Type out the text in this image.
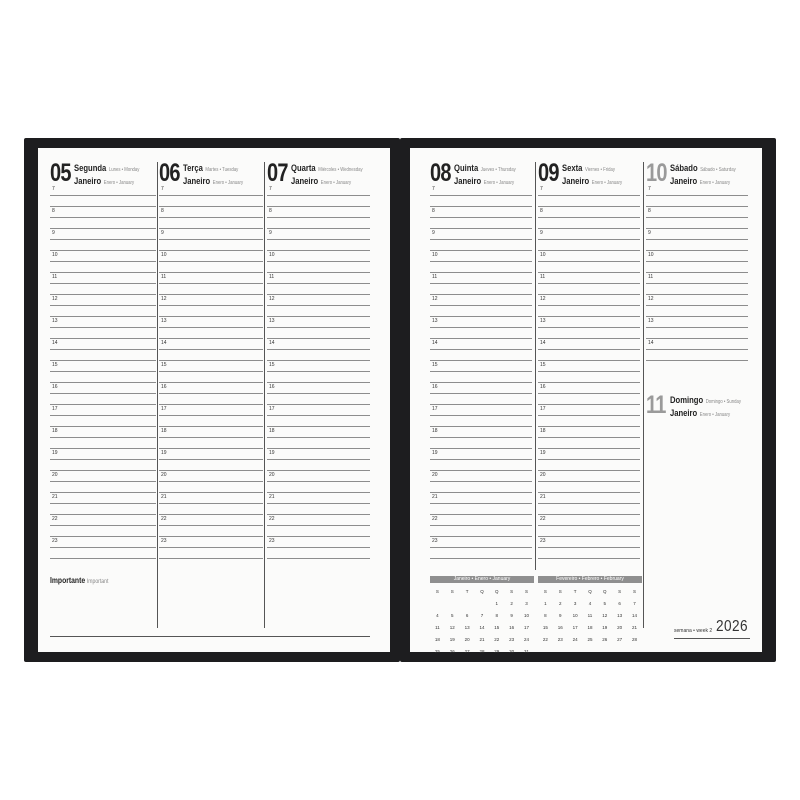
05 Segunda Lunes • Monday
Janeiro Enero • January
7
8
9
10
11
12
13
14
15
16
17
18
19
20
21
22
23
06 Terça Martes • Tuesday
Janeiro Enero • January
7
8
9
10
11
12
13
14
15
16
17
18
19
20
21
22
23
07 Quarta Miércoles • Wednesday
Janeiro Enero • January
7
8
9
10
11
12
13
14
15
16
17
18
19
20
21
22
23
Importante Important
08 Quinta Jueves • Thursday
Janeiro Enero • January
7
8
9
10
11
12
13
14
15
16
17
18
19
20
21
22
23
09 Sexta Viernes • Friday
Janeiro Enero • January
7
8
9
10
11
12
13
14
15
16
17
18
19
20
21
22
23
10 Sábado Sábado • Saturday
Janeiro Enero • January
7
8
9
10
11
12
13
14
11 Domingo Domingo • Sunday
Janeiro Enero • January
Janeiro • Enero • January
S	S	T	Q	Q	S	S
				1	2	3
4	5	6	7	8	9	10
11	12	13	14	15	16	17
18	19	20	21	22	23	24
25	26	27	28	29	30	31
Fevereiro • Febrero • February
S	S	T	Q	Q	S	S
1	2	3	4	5	6	7
8	9	10	11	12	13	14
15	16	17	18	19	20	21
22	23	24	25	26	27	28

semana • week 2 2026
